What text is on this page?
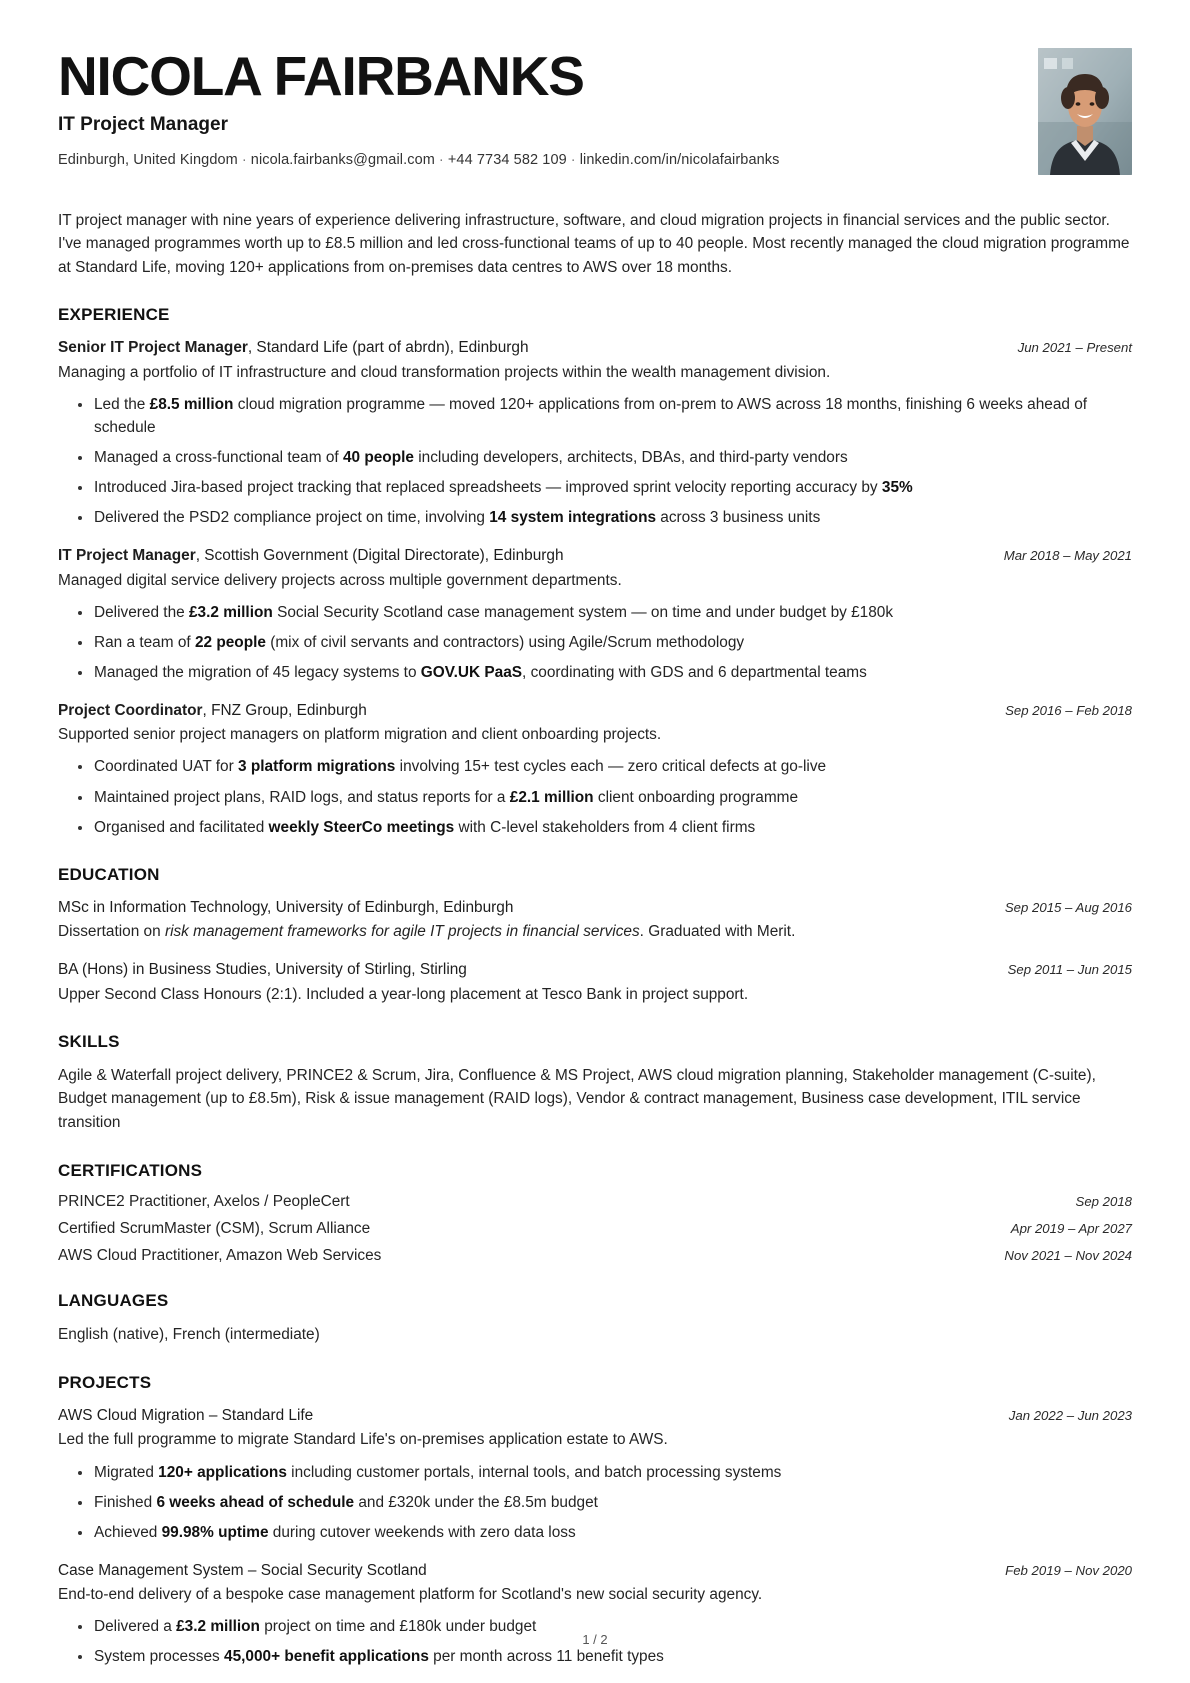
NICOLA FAIRBANKS
IT Project Manager
Edinburgh, United Kingdom · nicola.fairbanks@gmail.com · +44 7734 582 109 · linkedin.com/in/nicolafairbanks
IT project manager with nine years of experience delivering infrastructure, software, and cloud migration projects in financial services and the public sector. I've managed programmes worth up to £8.5 million and led cross-functional teams of up to 40 people. Most recently managed the cloud migration programme at Standard Life, moving 120+ applications from on-premises data centres to AWS over 18 months.
EXPERIENCE
Senior IT Project Manager, Standard Life (part of abrdn), Edinburgh	Jun 2021 – Present
Managing a portfolio of IT infrastructure and cloud transformation projects within the wealth management division.
Led the £8.5 million cloud migration programme — moved 120+ applications from on-prem to AWS across 18 months, finishing 6 weeks ahead of schedule
Managed a cross-functional team of 40 people including developers, architects, DBAs, and third-party vendors
Introduced Jira-based project tracking that replaced spreadsheets — improved sprint velocity reporting accuracy by 35%
Delivered the PSD2 compliance project on time, involving 14 system integrations across 3 business units
IT Project Manager, Scottish Government (Digital Directorate), Edinburgh	Mar 2018 – May 2021
Managed digital service delivery projects across multiple government departments.
Delivered the £3.2 million Social Security Scotland case management system — on time and under budget by £180k
Ran a team of 22 people (mix of civil servants and contractors) using Agile/Scrum methodology
Managed the migration of 45 legacy systems to GOV.UK PaaS, coordinating with GDS and 6 departmental teams
Project Coordinator, FNZ Group, Edinburgh	Sep 2016 – Feb 2018
Supported senior project managers on platform migration and client onboarding projects.
Coordinated UAT for 3 platform migrations involving 15+ test cycles each — zero critical defects at go-live
Maintained project plans, RAID logs, and status reports for a £2.1 million client onboarding programme
Organised and facilitated weekly SteerCo meetings with C-level stakeholders from 4 client firms
EDUCATION
MSc in Information Technology, University of Edinburgh, Edinburgh	Sep 2015 – Aug 2016
Dissertation on risk management frameworks for agile IT projects in financial services. Graduated with Merit.
BA (Hons) in Business Studies, University of Stirling, Stirling	Sep 2011 – Jun 2015
Upper Second Class Honours (2:1). Included a year-long placement at Tesco Bank in project support.
SKILLS
Agile & Waterfall project delivery, PRINCE2 & Scrum, Jira, Confluence & MS Project, AWS cloud migration planning, Stakeholder management (C-suite), Budget management (up to £8.5m), Risk & issue management (RAID logs), Vendor & contract management, Business case development, ITIL service transition
CERTIFICATIONS
PRINCE2 Practitioner, Axelos / PeopleCert	Sep 2018
Certified ScrumMaster (CSM), Scrum Alliance	Apr 2019 – Apr 2027
AWS Cloud Practitioner, Amazon Web Services	Nov 2021 – Nov 2024
LANGUAGES
English (native), French (intermediate)
PROJECTS
AWS Cloud Migration – Standard Life	Jan 2022 – Jun 2023
Led the full programme to migrate Standard Life's on-premises application estate to AWS.
Migrated 120+ applications including customer portals, internal tools, and batch processing systems
Finished 6 weeks ahead of schedule and £320k under the £8.5m budget
Achieved 99.98% uptime during cutover weekends with zero data loss
Case Management System – Social Security Scotland	Feb 2019 – Nov 2020
End-to-end delivery of a bespoke case management platform for Scotland's new social security agency.
Delivered a £3.2 million project on time and £180k under budget
System processes 45,000+ benefit applications per month across 11 benefit types
1 / 2
